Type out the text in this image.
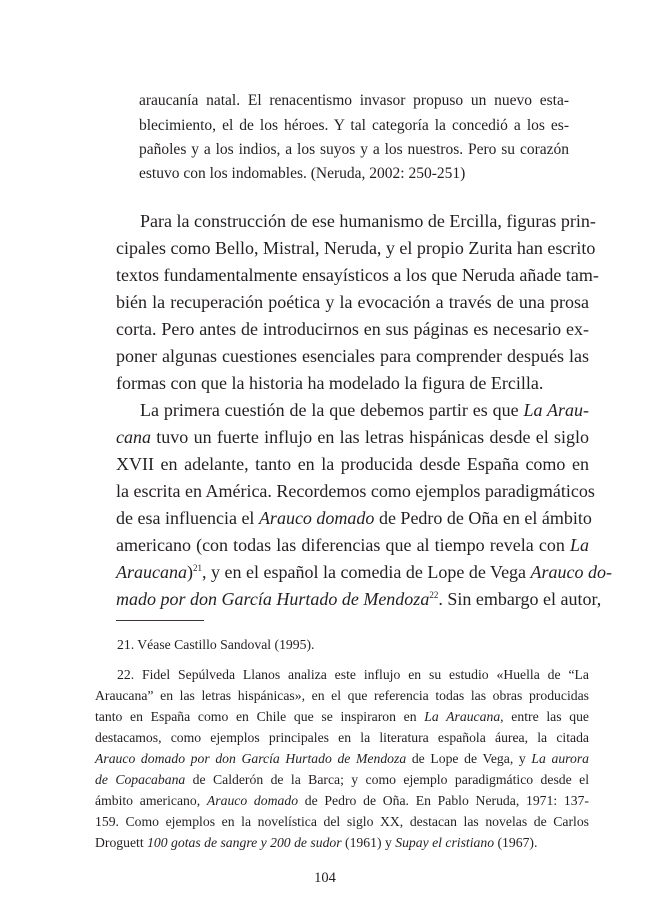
araucanía natal. El renacentismo invasor propuso un nuevo esta-
blecimiento, el de los héroes. Y tal categoría la concedió a los es-
pañoles y a los indios, a los suyos y a los nuestros. Pero su corazón
estuvo con los indomables. (Neruda, 2002: 250-251)
Para la construcción de ese humanismo de Ercilla, figuras prin-
cipales como Bello, Mistral, Neruda, y el propio Zurita han escrito
textos fundamentalmente ensayísticos a los que Neruda añade tam-
bién la recuperación poética y la evocación a través de una prosa
corta. Pero antes de introducirnos en sus páginas es necesario ex-
poner algunas cuestiones esenciales para comprender después las
formas con que la historia ha modelado la figura de Ercilla.
La primera cuestión de la que debemos partir es que La Arau-
cana tuvo un fuerte influjo en las letras hispánicas desde el siglo
XVII en adelante, tanto en la producida desde España como en
la escrita en América. Recordemos como ejemplos paradigmáticos
de esa influencia el Arauco domado de Pedro de Oña en el ámbito
americano (con todas las diferencias que al tiempo revela con La
Araucana)$^{21}$, y en el español la comedia de Lope de Vega Arauco do-
mado por don García Hurtado de Mendoza$^{22}$. Sin embargo el autor,
21. Véase Castillo Sandoval (1995).
22. Fidel Sepúlveda Llanos analiza este influjo en su estudio «Huella de “La
Araucana” en las letras hispánicas», en el que referencia todas las obras producidas
tanto en España como en Chile que se inspiraron en La Araucana, entre las que
destacamos, como ejemplos principales en la literatura española áurea, la citada
Arauco domado por don García Hurtado de Mendoza de Lope de Vega, y La aurora
de Copacabana de Calderón de la Barca; y como ejemplo paradigmático desde el
ámbito americano, Arauco domado de Pedro de Oña. En Pablo Neruda, 1971: 137-
159. Como ejemplos en la novelística del siglo XX, destacan las novelas de Carlos
Droguett 100 gotas de sangre y 200 de sudor (1961) y Supay el cristiano (1967).
104
